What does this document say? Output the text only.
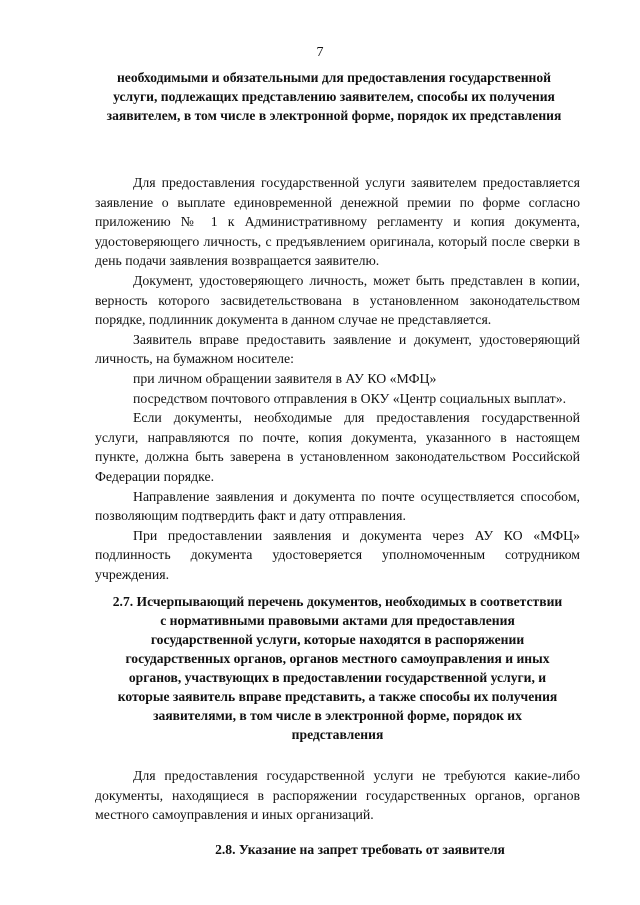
7
необходимыми и обязательными для предоставления государственной услуги, подлежащих представлению заявителем, способы их получения заявителем, в том числе в электронной форме, порядок их представления

Для предоставления государственной услуги заявителем предоставляется заявление о выплате единовременной денежной премии по форме согласно приложению № 1 к Административному регламенту и копия документа, удостоверяющего личность, с предъявлением оригинала, который после сверки в день подачи заявления возвращается заявителю.

Документ, удостоверяющего личность, может быть представлен в копии, верность которого засвидетельствована в установленном законодательством порядке, подлинник документа в данном случае не представляется.

Заявитель вправе предоставить заявление и документ, удостоверяющий личность, на бумажном носителе:

при личном обращении заявителя в АУ КО «МФЦ»

посредством почтового отправления в ОКУ «Центр социальных выплат».

Если документы, необходимые для предоставления государственной услуги, направляются по почте, копия документа, указанного в настоящем пункте, должна быть заверена в установленном законодательством Российской Федерации порядке.

Направление заявления и документа по почте осуществляется способом, позволяющим подтвердить факт и дату отправления.

При предоставлении заявления и документа через АУ КО «МФЦ» подлинность документа удостоверяется уполномоченным сотрудником учреждения.

2.7. Исчерпывающий перечень документов, необходимых в соответствии с нормативными правовыми актами для предоставления государственной услуги, которые находятся в распоряжении государственных органов, органов местного самоуправления и иных органов, участвующих в предоставлении государственной услуги, и которые заявитель вправе представить, а также способы их получения заявителями, в том числе в электронной форме, порядок их представления

Для предоставления государственной услуги не требуются какие-либо документы, находящиеся в распоряжении государственных органов, органов местного самоуправления и иных организаций.

2.8. Указание на запрет требовать от заявителя
